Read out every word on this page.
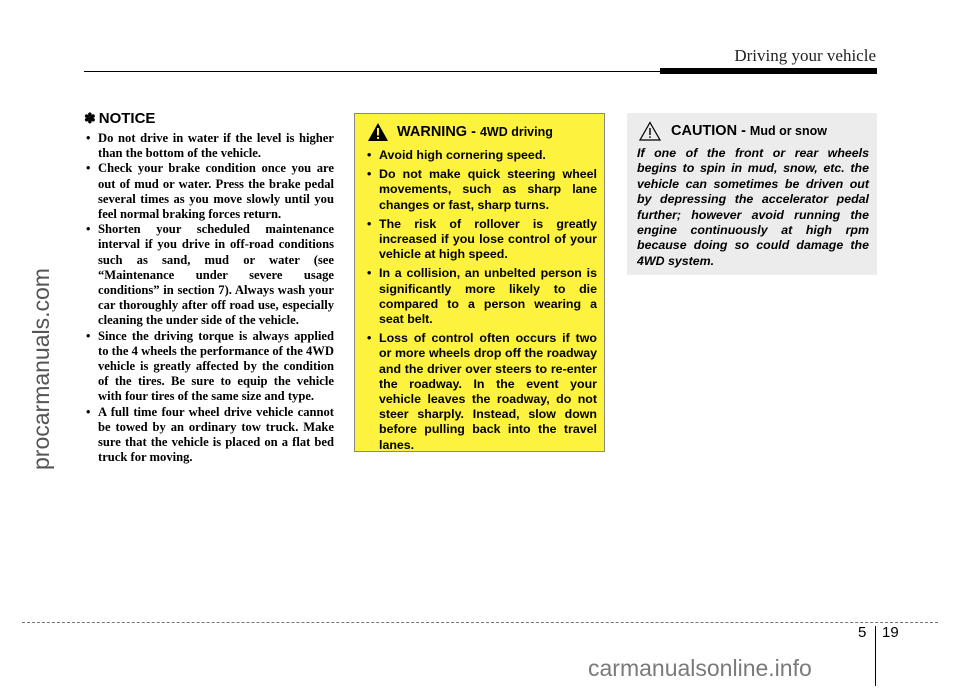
Driving your vehicle
procarmanuals.com
✽ NOTICE
• Do not drive in water if the level is higher than the bottom of the vehicle.
• Check your brake condition once you are out of mud or water. Press the brake pedal several times as you move slowly until you feel normal braking forces return.
• Shorten your scheduled maintenance interval if you drive in off-road conditions such as sand, mud or water (see “Maintenance under severe usage conditions” in section 7). Always wash your car thoroughly after off road use, especially cleaning the under side of the vehicle.
• Since the driving torque is always applied to the 4 wheels the performance of the 4WD vehicle is greatly affected by the condition of the tires. Be sure to equip the vehicle with four tires of the same size and type.
• A full time four wheel drive vehicle cannot be towed by an ordinary tow truck. Make sure that the vehicle is placed on a flat bed truck for moving.
WARNING - 4WD driving
• Avoid high cornering speed.
• Do not make quick steering wheel movements, such as sharp lane changes or fast, sharp turns.
• The risk of rollover is greatly increased if you lose control of your vehicle at high speed.
• In a collision, an unbelted person is significantly more likely to die compared to a person wearing a seat belt.
• Loss of control often occurs if two or more wheels drop off the roadway and the driver over steers to re-enter the roadway. In the event your vehicle leaves the roadway, do not steer sharply. Instead, slow down before pulling back into the travel lanes.
CAUTION - Mud or snow
If one of the front or rear wheels begins to spin in mud, snow, etc. the vehicle can sometimes be driven out by depressing the accelerator pedal further; however avoid running the engine continuously at high rpm because doing so could damage the 4WD system.
5 19
carmanualsonline.info
